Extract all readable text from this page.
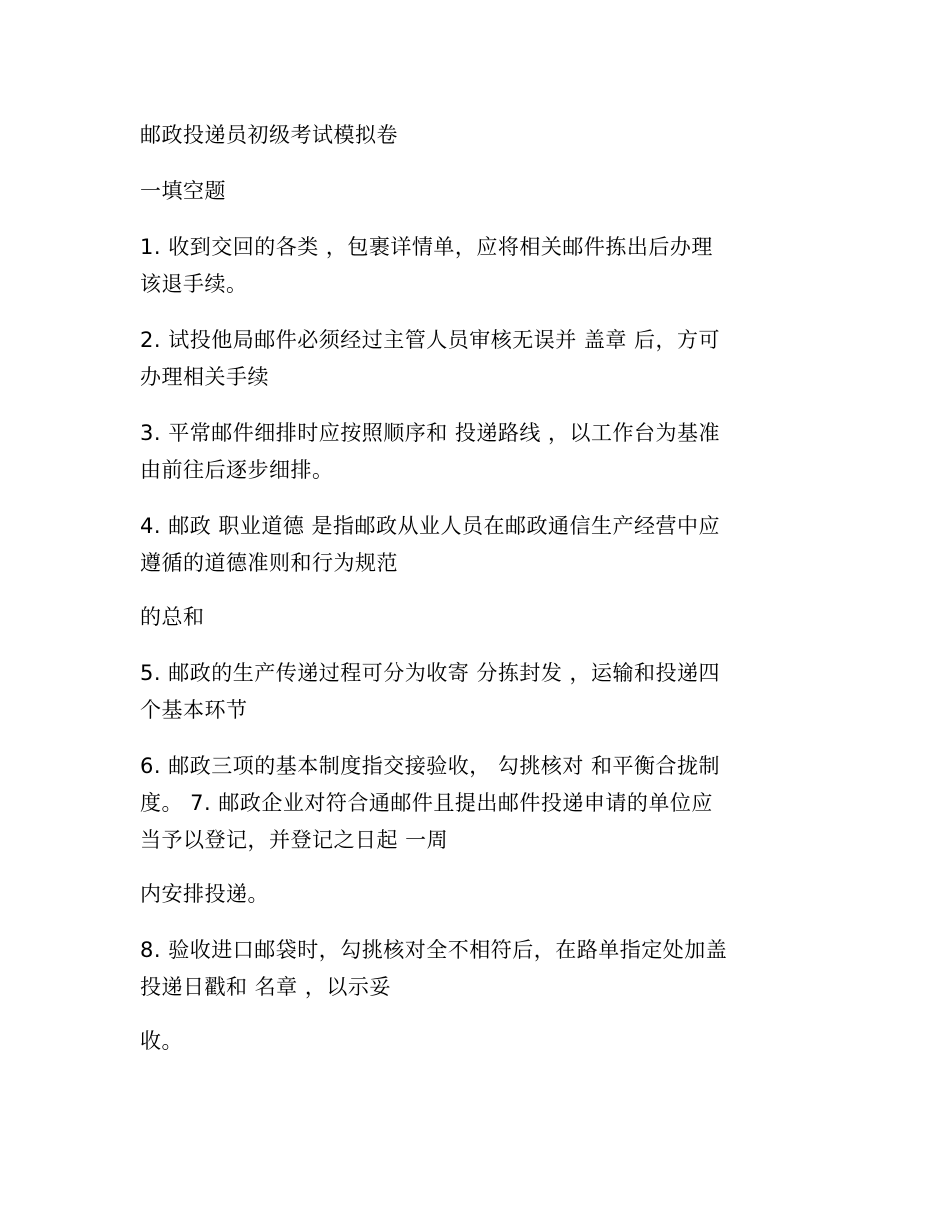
邮政投递员初级考试模拟卷
一填空题
1. 收到交回的各类 ，包裹详情单，应将相关邮件拣出后办理
该退手续。
2. 试投他局邮件必须经过主管人员审核无误并 盖章 后，方可
办理相关手续
3. 平常邮件细排时应按照顺序和 投递路线 ，以工作台为基准
由前往后逐步细排。
4. 邮政 职业道德 是指邮政从业人员在邮政通信生产经营中应
遵循的道德准则和行为规范
的总和
5. 邮政的生产传递过程可分为收寄 分拣封发 ，运输和投递四
个基本环节
6. 邮政三项的基本制度指交接验收， 勾挑核对 和平衡合拢制
度。 7. 邮政企业对符合通邮件且提出邮件投递申请的单位应
当予以登记，并登记之日起 一周
内安排投递。
8. 验收进口邮袋时，勾挑核对全不相符后，在路单指定处加盖
投递日戳和 名章 ，以示妥
收。
